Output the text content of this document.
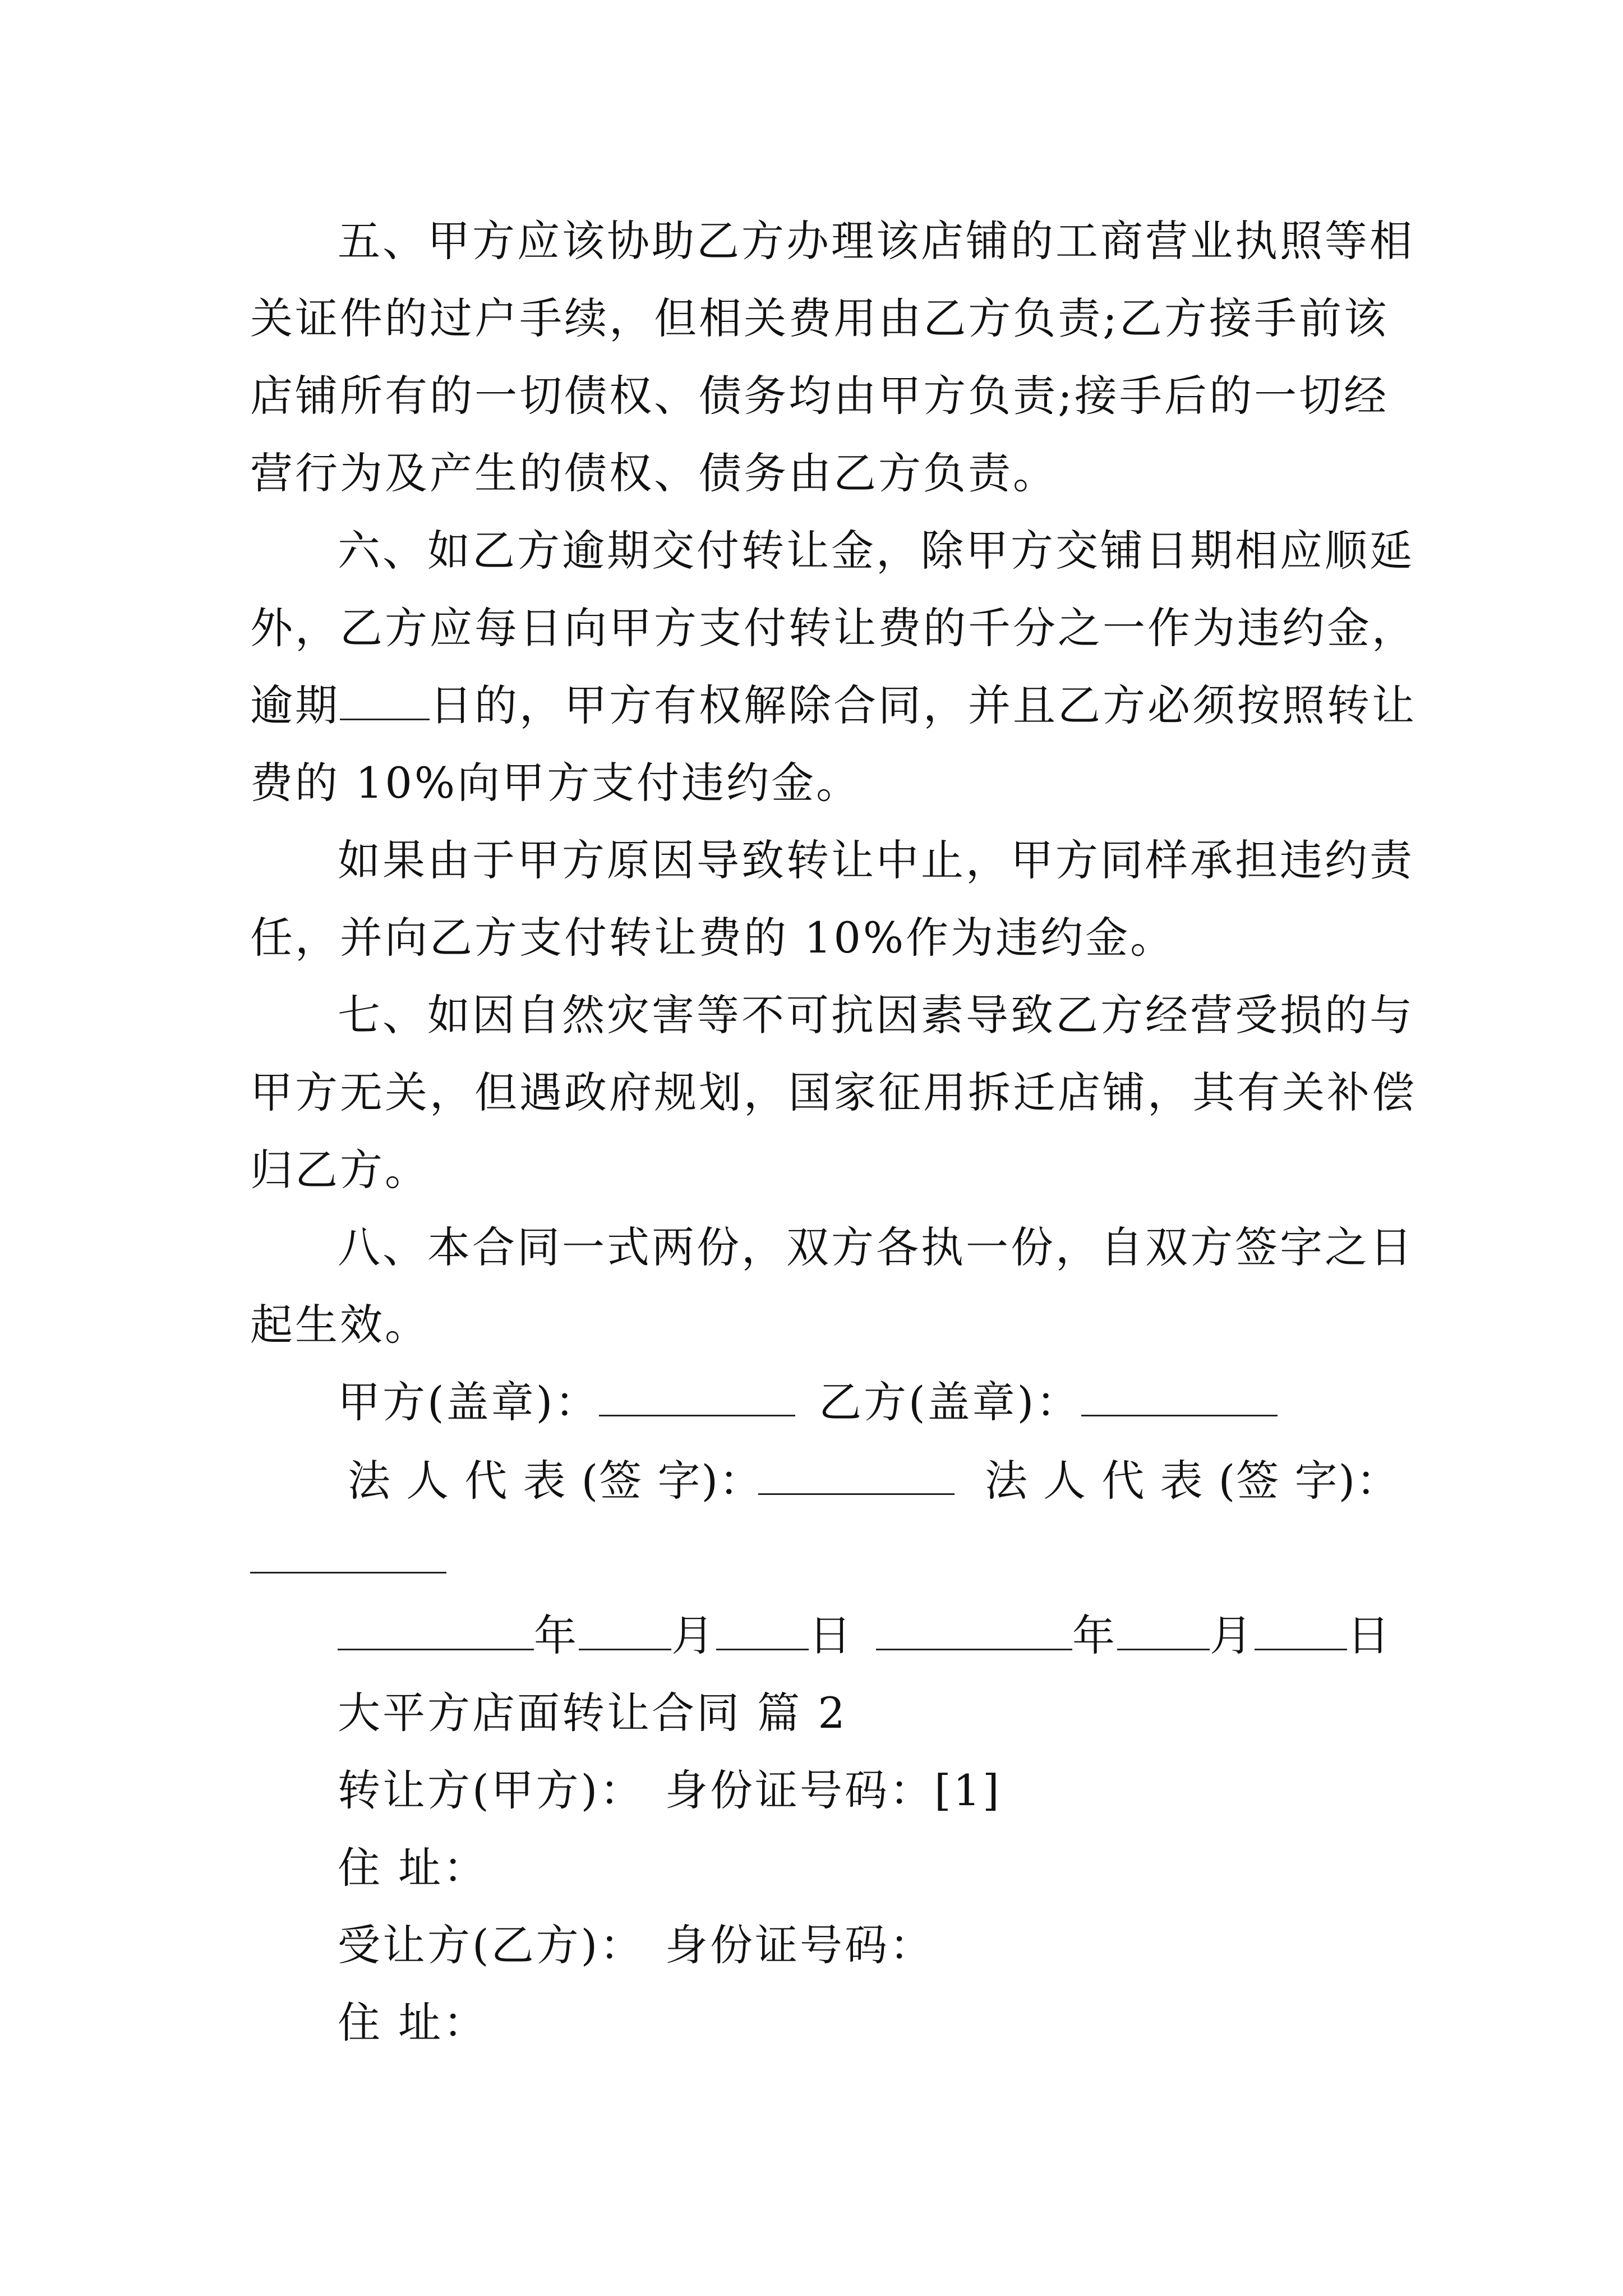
五、甲方应该协助乙方办理该店铺的工商营业执照等相
关证件的过户手续，但相关费用由乙方负责;乙方接手前该
店铺所有的一切债权、债务均由甲方负责;接手后的一切经
营行为及产生的债权、债务由乙方负责。
六、如乙方逾期交付转让金，除甲方交铺日期相应顺延
外，乙方应每日向甲方支付转让费的千分之一作为违约金，
逾期 日的，甲方有权解除合同，并且乙方必须按照转让
费的 10%向甲方支付违约金。
如果由于甲方原因导致转让中止，甲方同样承担违约责
任，并向乙方支付转让费的 10%作为违约金。
七、如因自然灾害等不可抗因素导致乙方经营受损的与
甲方无关，但遇政府规划，国家征用拆迁店铺，其有关补偿
归乙方。
八、本合同一式两份，双方各执一份，自双方签字之日
起生效。
甲方(盖章)：	乙方(盖章)：
法 人 代 表 (签 字)：	法 人 代 表 (签 字)：
年 月 日	年 月 日
大平方店面转让合同 篇 2
转让方(甲方)： 身份证号码：[1]
住 址：
受让方(乙方)： 身份证号码：
住 址：
